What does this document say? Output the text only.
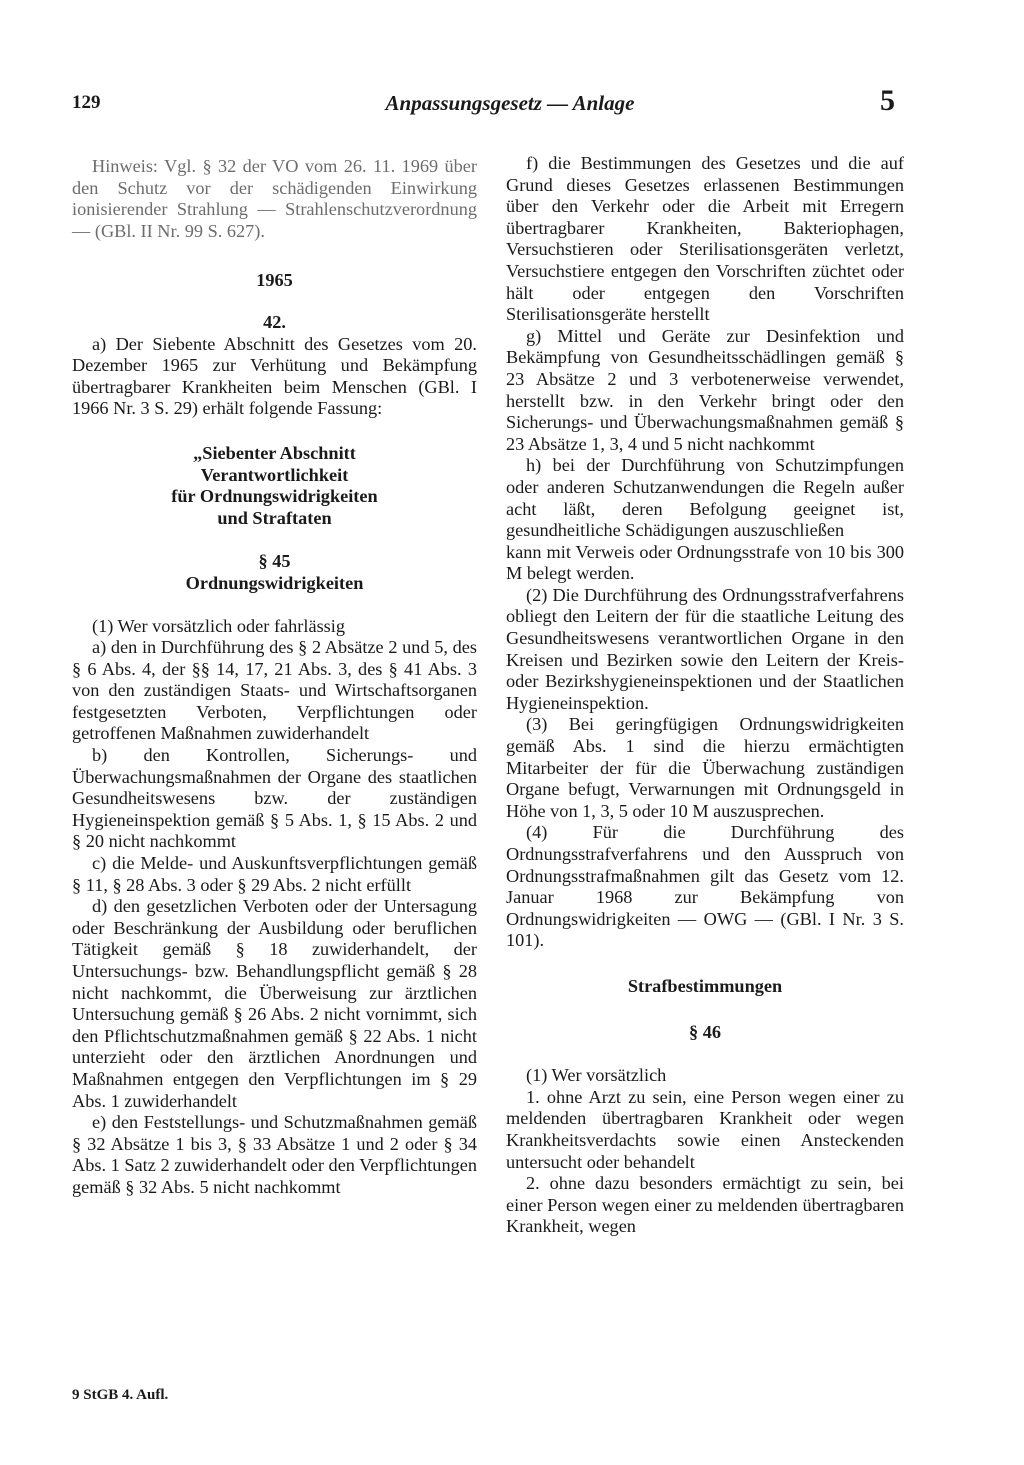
129	Anpassungsgesetz — Anlage	5

Hinweis: Vgl. § 32 der VO vom 26. 11. 1969 über den Schutz vor der schädigenden Einwirkung ionisierender Strahlung — Strahlenschutzverordnung — (GBl. II Nr. 99 S. 627).

1965

42.

a) Der Siebente Abschnitt des Gesetzes vom 20. Dezember 1965 zur Verhütung und Bekämpfung übertragbarer Krankheiten beim Menschen (GBl. I 1966 Nr. 3 S. 29) erhält folgende Fassung:

„Siebenter Abschnitt
Verantwortlichkeit
für Ordnungswidrigkeiten
und Straftaten

§ 45

Ordnungswidrigkeiten

(1) Wer vorsätzlich oder fahrlässig

a) den in Durchführung des § 2 Absätze 2 und 5, des § 6 Abs. 4, der §§ 14, 17, 21 Abs. 3, des § 41 Abs. 3 von den zuständigen Staats- und Wirtschaftsorganen festgesetzten Verboten, Verpflichtungen oder getroffenen Maßnahmen zuwiderhandelt

b) den Kontrollen, Sicherungs- und Überwachungsmaßnahmen der Organe des staatlichen Gesundheitswesens bzw. der zuständigen Hygieneinspektion gemäß § 5 Abs. 1, § 15 Abs. 2 und § 20 nicht nachkommt

c) die Melde- und Auskunftsverpflichtungen gemäß § 11, § 28 Abs. 3 oder § 29 Abs. 2 nicht erfüllt

d) den gesetzlichen Verboten oder der Untersagung oder Beschränkung der Ausbildung oder beruflichen Tätigkeit gemäß § 18 zuwiderhandelt, der Untersuchungs- bzw. Behandlungspflicht gemäß § 28 nicht nachkommt, die Überweisung zur ärztlichen Untersuchung gemäß § 26 Abs. 2 nicht vornimmt, sich den Pflichtschutzmaßnahmen gemäß § 22 Abs. 1 nicht unterzieht oder den ärztlichen Anordnungen und Maßnahmen entgegen den Verpflichtungen im § 29 Abs. 1 zuwiderhandelt

e) den Feststellungs- und Schutzmaßnahmen gemäß § 32 Absätze 1 bis 3, § 33 Absätze 1 und 2 oder § 34 Abs. 1 Satz 2 zuwiderhandelt oder den Verpflichtungen gemäß § 32 Abs. 5 nicht nachkommt

f) die Bestimmungen des Gesetzes und die auf Grund dieses Gesetzes erlassenen Bestimmungen über den Verkehr oder die Arbeit mit Erregern übertragbarer Krankheiten, Bakteriophagen, Versuchstieren oder Sterilisationsgeräten verletzt, Versuchstiere entgegen den Vorschriften züchtet oder hält oder entgegen den Vorschriften Sterilisationsgeräte herstellt

g) Mittel und Geräte zur Desinfektion und Bekämpfung von Gesundheitsschädlingen gemäß § 23 Absätze 2 und 3 verbotenerweise verwendet, herstellt bzw. in den Verkehr bringt oder den Sicherungs- und Überwachungsmaßnahmen gemäß § 23 Absätze 1, 3, 4 und 5 nicht nachkommt

h) bei der Durchführung von Schutzimpfungen oder anderen Schutzanwendungen die Regeln außer acht läßt, deren Befolgung geeignet ist, gesundheitliche Schädigungen auszuschließen

kann mit Verweis oder Ordnungsstrafe von 10 bis 300 M belegt werden.

(2) Die Durchführung des Ordnungsstrafverfahrens obliegt den Leitern der für die staatliche Leitung des Gesundheitswesens verantwortlichen Organe in den Kreisen und Bezirken sowie den Leitern der Kreis- oder Bezirkshygieneinspektionen und der Staatlichen Hygieneinspektion.

(3) Bei geringfügigen Ordnungswidrigkeiten gemäß Abs. 1 sind die hierzu ermächtigten Mitarbeiter der für die Überwachung zuständigen Organe befugt, Verwarnungen mit Ordnungsgeld in Höhe von 1, 3, 5 oder 10 M auszusprechen.

(4) Für die Durchführung des Ordnungsstrafverfahrens und den Ausspruch von Ordnungsstrafmaßnahmen gilt das Gesetz vom 12. Januar 1968 zur Bekämpfung von Ordnungswidrigkeiten — OWG — (GBl. I Nr. 3 S. 101).

Strafbestimmungen

§ 46

(1) Wer vorsätzlich

1. ohne Arzt zu sein, eine Person wegen einer zu meldenden übertragbaren Krankheit oder wegen Krankheitsverdachts sowie einen Ansteckenden untersucht oder behandelt

2. ohne dazu besonders ermächtigt zu sein, bei einer Person wegen einer zu meldenden übertragbaren Krankheit, wegen

9 StGB 4. Aufl.
